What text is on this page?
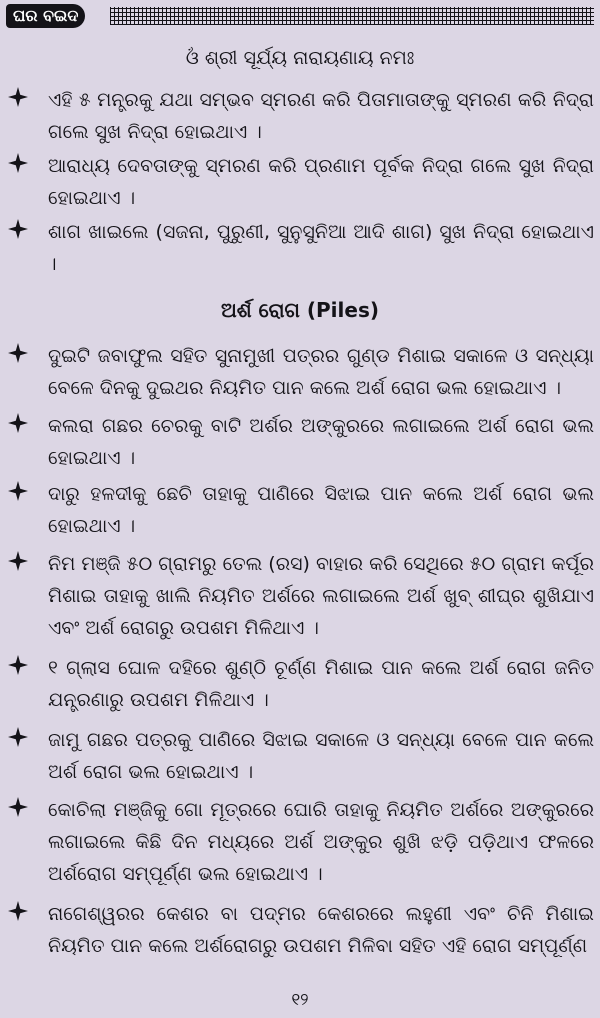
ଘର ବଇଦ
ଓଁ ଶ୍ରୀ ସୂର୍ଯ୍ୟ ନାରାୟଣାୟ ନମଃ
ଏହି ୫ ମନ୍ତ୍ରକୁ ଯଥା ସମ୍ଭବ ସ୍ମରଣ କରି ପିତାମାତାଙ୍କୁ ସ୍ମରଣ କରି ନିଦ୍ରା ଗଲେ ସୁଖ ନିଦ୍ରା ହୋଇଥାଏ ।
ଆରାଧ୍ୟ ଦେବତାଙ୍କୁ ସ୍ମରଣ କରି ପ୍ରଣାମ ପୂର୍ବକ ନିଦ୍ରା ଗଲେ ସୁଖ ନିଦ୍ରା ହୋଇଥାଏ ।
ଶାଗ ଖାଇଲେ (ସଜନା, ପୁରୁଣୀ, ସୁନୁସୁନିଆ ଆଦି ଶାଗ) ସୁଖ ନିଦ୍ରା ହୋଇଥାଏ ।
ଅର୍ଶ ରୋଗ (Piles)
ଦୁଇଟି ଜବାଫୁଲ ସହିତ ସୁନାମୁଖୀ ପତ୍ରର ଗୁଣ୍ଡ ମିଶାଇ ସକାଳେ ଓ ସନ୍ଧ୍ୟା ବେଳେ ଦିନକୁ ଦୁଇଥର ନିୟମିତ ପାନ କଲେ ଅର୍ଶ ରୋଗ ଭଲ ହୋଇଥାଏ ।
କଲରା ଗଛର ଚେରକୁ ବାଟି ଅର୍ଶର ଅଙ୍କୁରରେ ଲଗାଇଲେ ଅର୍ଶ ରୋଗ ଭଲ ହୋଇଥାଏ ।
ଦାରୁ ହଳଦୀକୁ ଛେଚି ତାହାକୁ ପାଣିରେ ସିଝାଇ ପାନ କଲେ ଅର୍ଶ ରୋଗ ଭଲ ହୋଇଥାଏ ।
ନିମ ମଞ୍ଜି ୫୦ ଗ୍ରାମରୁ ତେଲ (ରସ) ବାହାର କରି ସେଥିରେ ୫୦ ଗ୍ରାମ କର୍ପୂର ମିଶାଇ ତାହାକୁ ଖାଲି ନିୟମିତ ଅର୍ଶରେ ଲଗାଇଲେ ଅର୍ଶ ଖୁବ୍ ଶୀଘ୍ର ଶୁଖିଯାଏ ଏବଂ ଅର୍ଶ ରୋଗରୁ ଉପଶମ ମିଳିଥାଏ ।
୧ ଗ୍ଲାସ ଘୋଳ ଦହିରେ ଶୁଣ୍ଠି ଚୂର୍ଣ୍ଣ ମିଶାଇ ପାନ କଲେ ଅର୍ଶ ରୋଗ ଜନିତ ଯନ୍ତ୍ରଣାରୁ ଉପଶମ ମିଳିଥାଏ ।
ଜାମୁ ଗଛର ପତ୍ରକୁ ପାଣିରେ ସିଝାଇ ସକାଳେ ଓ ସନ୍ଧ୍ୟା ବେଳେ ପାନ କଲେ ଅର୍ଶ ରୋଗ ଭଲ ହୋଇଥାଏ ।
କୋଚିଲା ମଞ୍ଜିକୁ ଗୋ ମୂତ୍ରରେ ଘୋରି ତାହାକୁ ନିୟମିତ ଅର୍ଶରେ ଅଙ୍କୁରରେ ଲଗାଇଲେ କିଛି ଦିନ ମଧ୍ୟରେ ଅର୍ଶ ଅଙ୍କୁର ଶୁଖି ଝଡ଼ି ପଡ଼ିଥାଏ ଫଳରେ ଅର୍ଶରୋଗ ସମ୍ପୂର୍ଣ୍ଣ ଭଲ ହୋଇଥାଏ ।
ନାଗେଶ୍ୱରର କେଶର ବା ପଦ୍ମର କେଶରରେ ଲହୁଣୀ ଏବଂ ଚିନି ମିଶାଇ ନିୟମିତ ପାନ କଲେ ଅର୍ଶରୋଗରୁ ଉପଶମ ମିଳିବା ସହିତ ଏହି ରୋଗ ସମ୍ପୂର୍ଣ୍ଣ
୧୨
